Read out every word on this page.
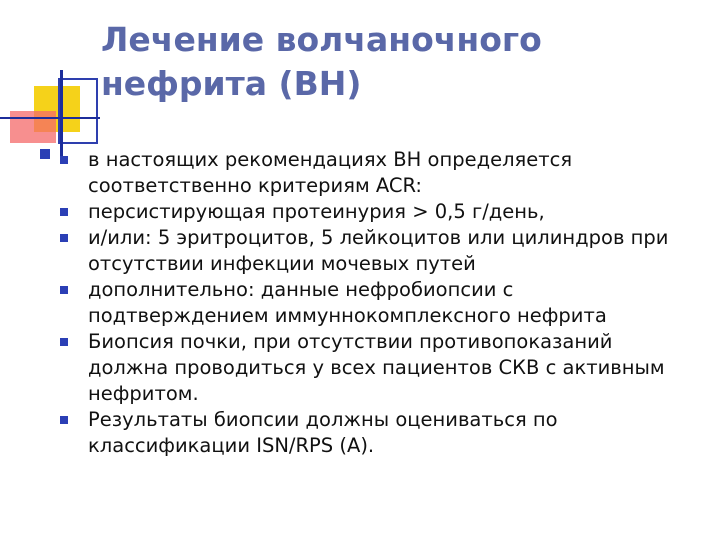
Лечение волчаночного
нефрита (ВН)
в настоящих рекомендациях ВН определяется
соответственно критериям ACR:
персистирующая протеинурия > 0,5 г/день,
и/или: 5 эритроцитов, 5 лейкоцитов или цилиндров при
отсутствии инфекции мочевых путей
дополнительно: данные нефробиопсии с
подтверждением иммуннокомплексного нефрита
Биопсия почки, при отсутствии противопоказаний
должна проводиться у всех пациентов СКВ с активным
нефритом.
Результаты биопсии должны оцениваться по
классификации ISN/RPS (A).
